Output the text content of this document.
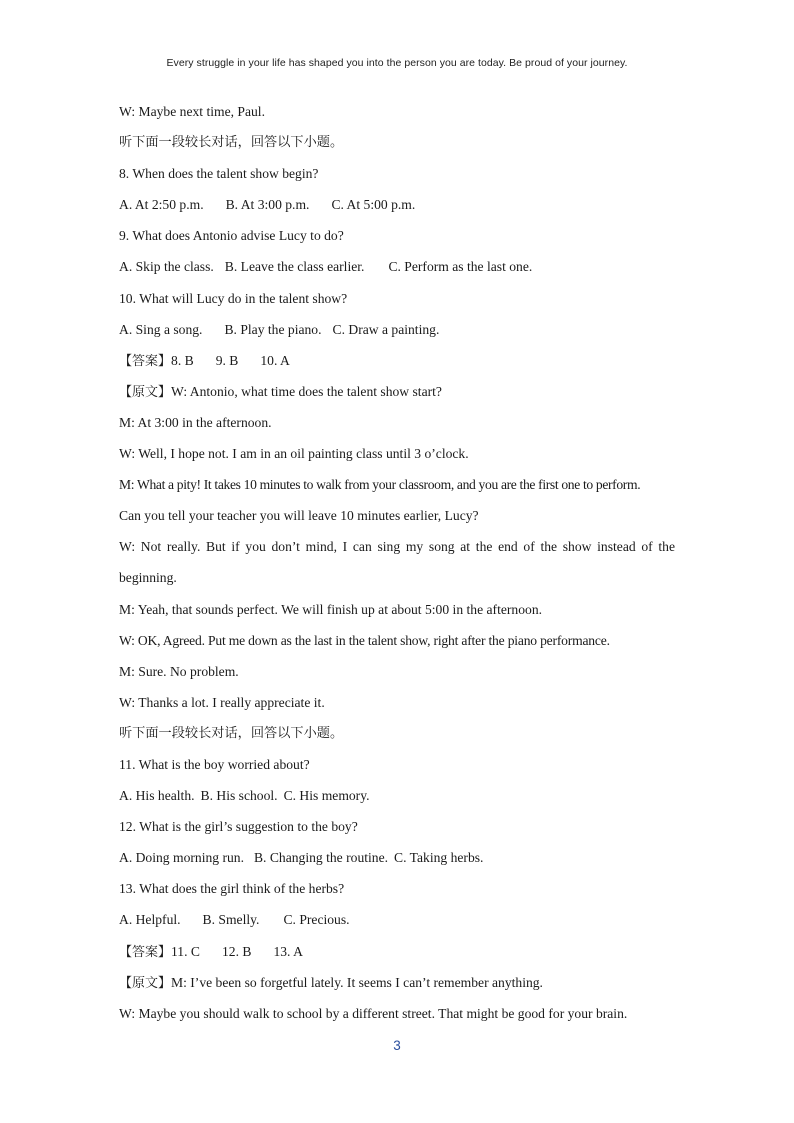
Every struggle in your life has shaped you into the person you are today. Be proud of your journey.
W: Maybe next time, Paul.
听下面一段较长对话，回答以下小题。
8. When does the talent show begin?
A. At 2:50 p.m. B. At 3:00 p.m. C. At 5:00 p.m.
9. What does Antonio advise Lucy to do?
A. Skip the class. B. Leave the class earlier. C. Perform as the last one.
10. What will Lucy do in the talent show?
A. Sing a song. B. Play the piano. C. Draw a painting.
【答案】8. B 9. B 10. A
【原文】W: Antonio, what time does the talent show start?
M: At 3:00 in the afternoon.
W: Well, I hope not. I am in an oil painting class until 3 o’clock.
M: What a pity! It takes 10 minutes to walk from your classroom, and you are the first one to perform.
Can you tell your teacher you will leave 10 minutes earlier, Lucy?
W: Not really. But if you don’t mind, I can sing my song at the end of the show instead of the
beginning.
M: Yeah, that sounds perfect. We will finish up at about 5:00 in the afternoon.
W: OK, Agreed. Put me down as the last in the talent show, right after the piano performance.
M: Sure. No problem.
W: Thanks a lot. I really appreciate it.
听下面一段较长对话，回答以下小题。
11. What is the boy worried about?
A. His health. B. His school. C. His memory.
12. What is the girl’s suggestion to the boy?
A. Doing morning run. B. Changing the routine. C. Taking herbs.
13. What does the girl think of the herbs?
A. Helpful. B. Smelly. C. Precious.
【答案】11. C 12. B 13. A
【原文】M: I’ve been so forgetful lately. It seems I can’t remember anything.
W: Maybe you should walk to school by a different street. That might be good for your brain.
3
